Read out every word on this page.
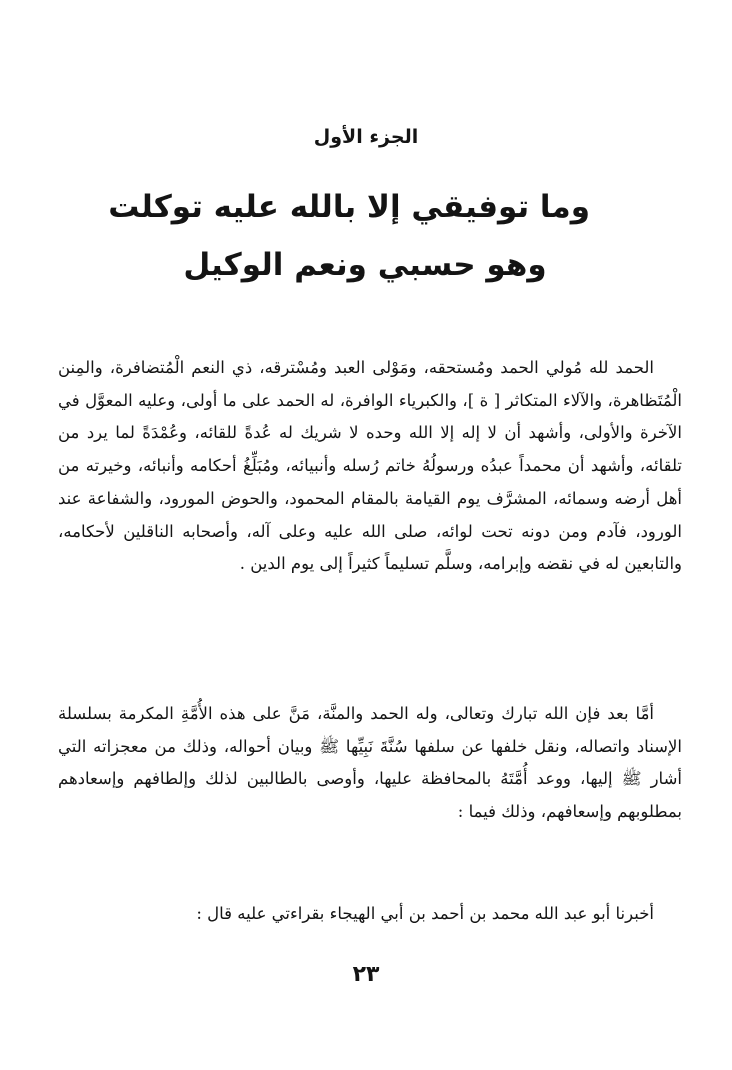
الجزء الأول
وما توفيقي إلا بالله عليه توكلت
وهو حسبي ونعم الوكيل
الحمد لله مُولي الحمد ومُستحقه، ومَوْلى العبد ومُسْترقه، ذي النعم الْمُتضافرة، والمِنن الْمُتَظاهرة، والآلاء المتكاثر [ ة ]، والكبرياء الوافرة، له الحمد على ما أولى، وعليه المعوَّل في الآخرة والأولى، وأشهد أن لا إله إلا الله وحده لا شريك له عُدةً للقائه، وعُمْدَةً لما يرد من تلقائه، وأشهد أن محمداً عبدُه ورسولُهُ خاتم رُسله وأنبيائه، ومُبَلِّغُ أحكامه وأنبائه، وخيرته من أهل أرضه وسمائه، المشرَّف يوم القيامة بالمقام المحمود، والحوض المورود، والشفاعة عند الورود، فآدم ومن دونه تحت لوائه، صلى الله عليه وعلى آله، وأصحابه الناقلين لأحكامه، والتابعين له في نقضه وإبرامه، وسلَّم تسليماً كثيراً إلى يوم الدين .
أمَّا بعد فإن الله تبارك وتعالى، وله الحمد والمنَّة، مَنَّ على هذه الأُمَّةِ المكرمة بسلسلة الإسناد واتصاله، ونقل خلفها عن سلفها سُنَّةَ نَبِيِّها ﷺ وبيان أحواله، وذلك من معجزاته التي أشار ﷺ إليها، ووعد أُمَّتَهُ بالمحافظة عليها، وأوصى بالطالبين لذلك وإلطافهم وإسعادهم بمطلوبهم وإسعافهم، وذلك فيما :
أخبرنا أبو عبد الله محمد بن أحمد بن أبي الهيجاء بقراءتي عليه قال :
٢٣
